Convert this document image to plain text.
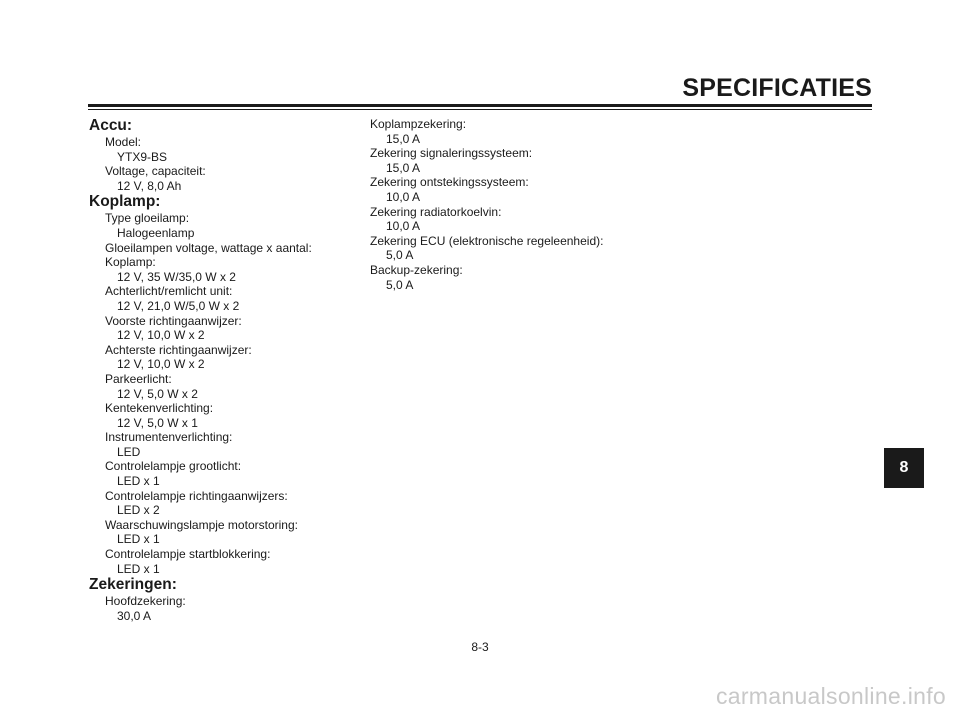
SPECIFICATIES
Accu:
Model:
YTX9-BS
Voltage, capaciteit:
12 V, 8,0 Ah
Koplamp:
Type gloeilamp:
Halogeenlamp
Gloeilampen voltage, wattage x aantal:
Koplamp:
12 V, 35 W/35,0 W x 2
Achterlicht/remlicht unit:
12 V, 21,0 W/5,0 W x 2
Voorste richtingaanwijzer:
12 V, 10,0 W x 2
Achterste richtingaanwijzer:
12 V, 10,0 W x 2
Parkeerlicht:
12 V, 5,0 W x 2
Kentekenverlichting:
12 V, 5,0 W x 1
Instrumentenverlichting:
LED
Controlelampje grootlicht:
LED x 1
Controlelampje richtingaanwijzers:
LED x 2
Waarschuwingslampje motorstoring:
LED x 1
Controlelampje startblokkering:
LED x 1
Zekeringen:
Hoofdzekering:
30,0 A
Koplampzekering:
15,0 A
Zekering signaleringssysteem:
15,0 A
Zekering ontstekingssysteem:
10,0 A
Zekering radiatorkoelvin:
10,0 A
Zekering ECU (elektronische regeleenheid):
5,0 A
Backup-zekering:
5,0 A
8
8-3
carmanualsonline.info
